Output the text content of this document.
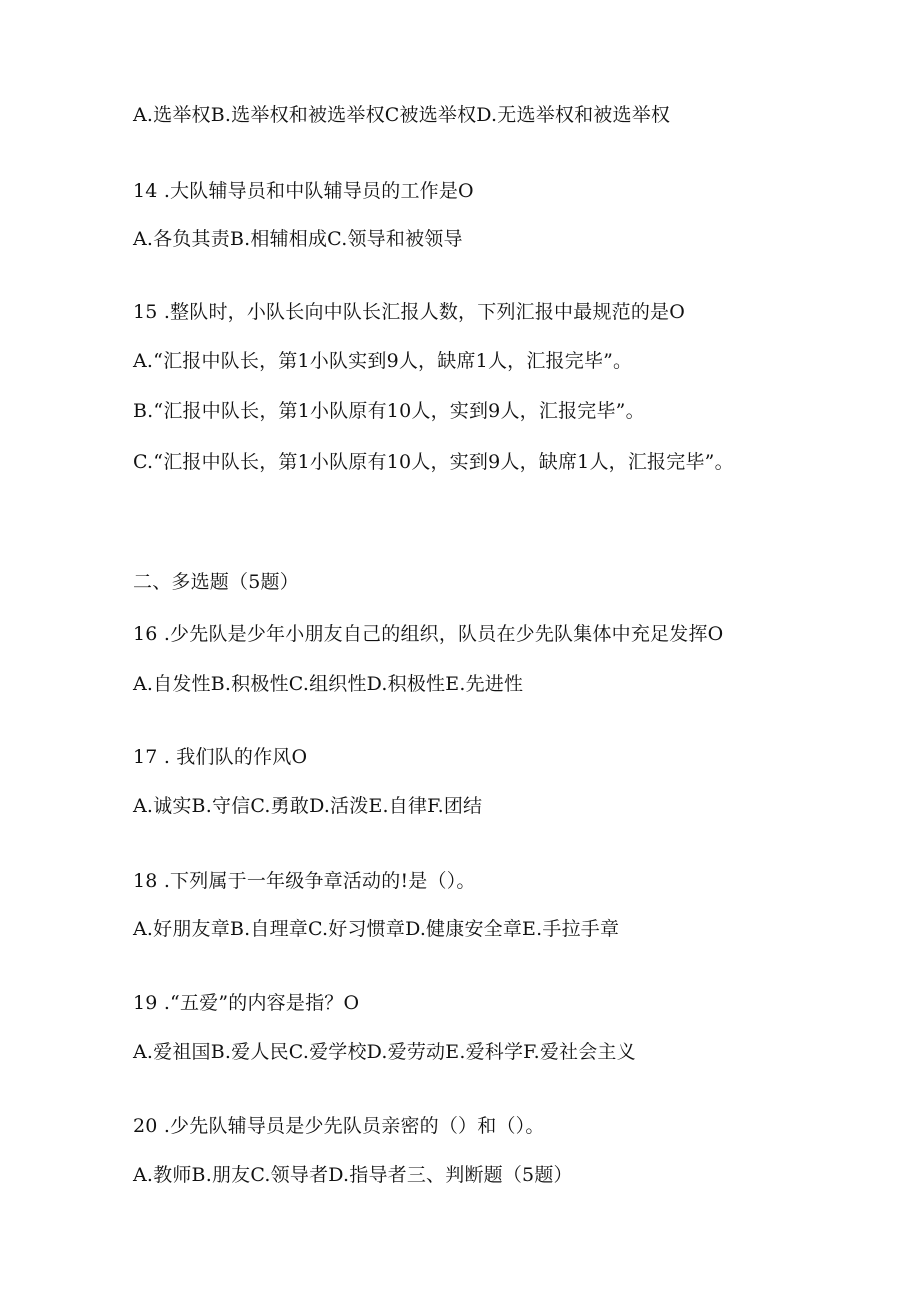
A.选举权B.选举权和被选举权C被选举权D.无选举权和被选举权
14 .大队辅导员和中队辅导员的工作是O
A.各负其责B.相辅相成C.领导和被领导
15 .整队时，小队长向中队长汇报人数，下列汇报中最规范的是O
A.“汇报中队长，第1小队实到9人，缺席1人，汇报完毕”。
B.“汇报中队长，第1小队原有10人，实到9人，汇报完毕”。
C.“汇报中队长，第1小队原有10人，实到9人，缺席1人，汇报完毕”。
二、多选题（5题）
16 .少先队是少年小朋友自己的组织，队员在少先队集体中充足发挥O
A.自发性B.积极性C.组织性D.积极性E.先进性
17 . 我们队的作风O
A.诚实B.守信C.勇敢D.活泼E.自律F.团结
18 .下列属于一年级争章活动的!是（）。
A.好朋友章B.自理章C.好习惯章D.健康安全章E.手拉手章
19 .“五爱”的内容是指？O
A.爱祖国B.爱人民C.爱学校D.爱劳动E.爱科学F.爱社会主义
20 .少先队辅导员是少先队员亲密的（）和（）。
A.教师B.朋友C.领导者D.指导者三、判断题（5题）
